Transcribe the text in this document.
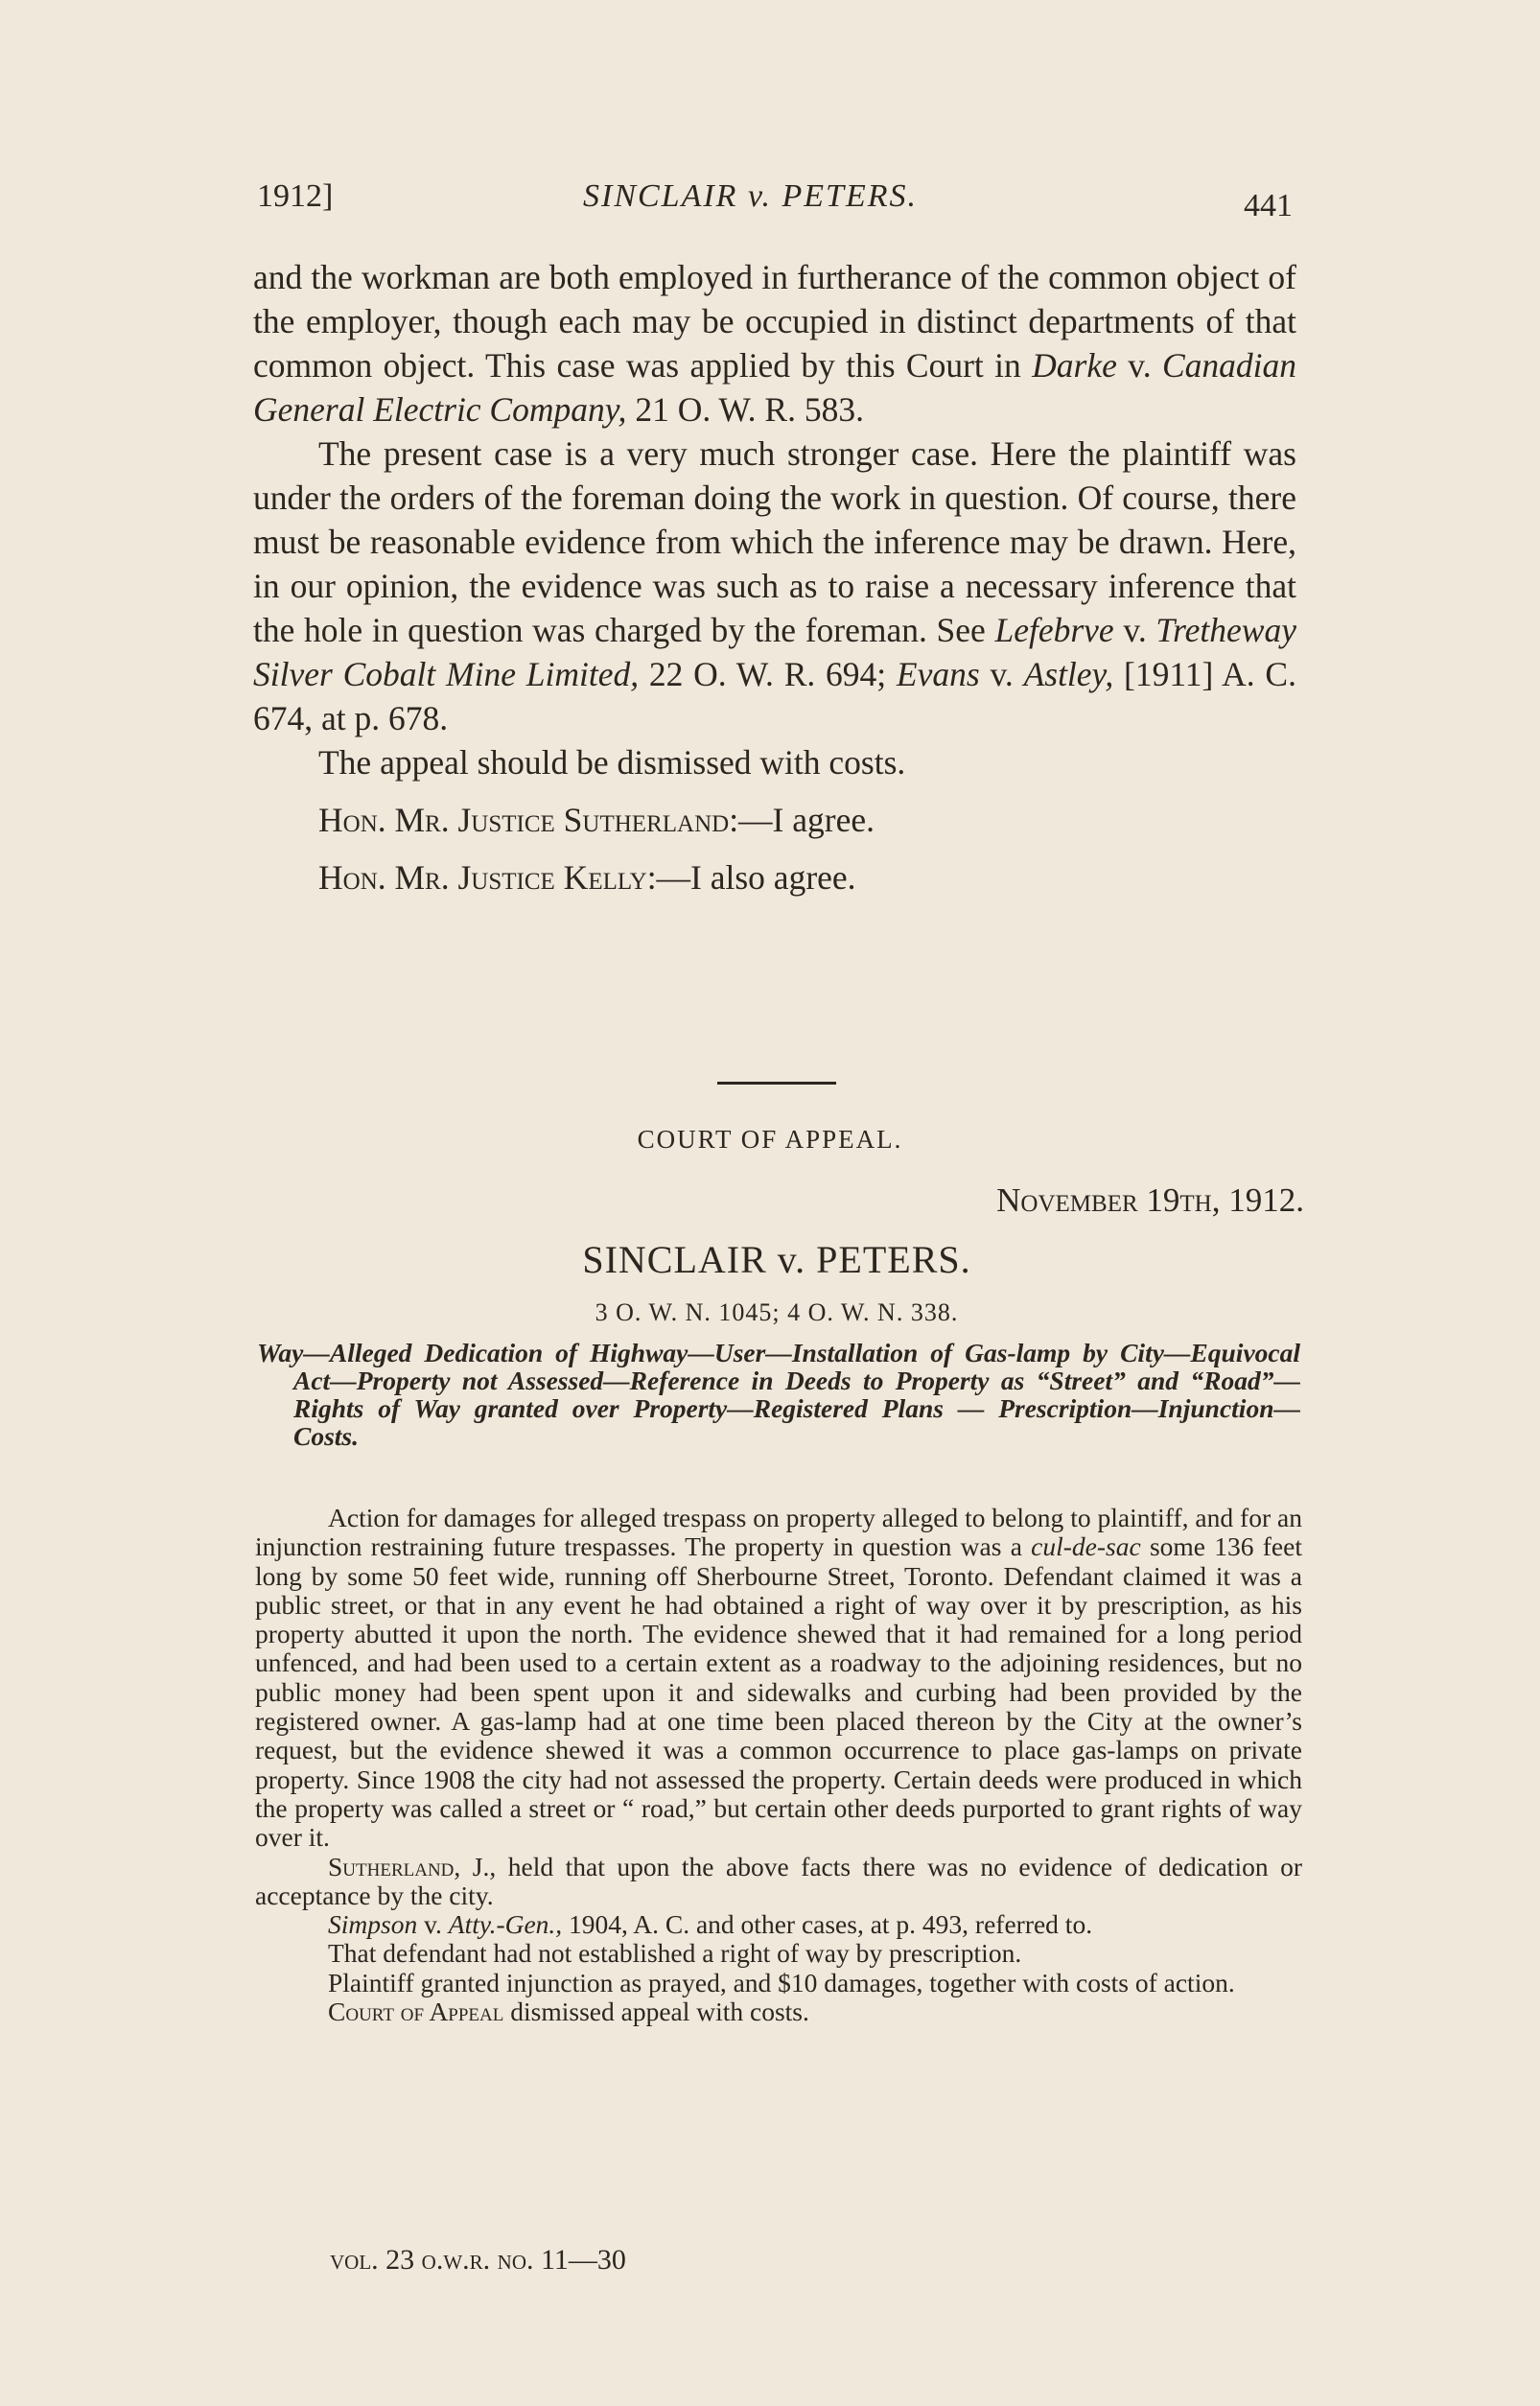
1912]	SINCLAIR v. PETERS.	441

and the workman are both employed in furtherance of the common object of the employer, though each may be occupied in distinct departments of that common object. This case was applied by this Court in Darke v. Canadian General Electric Company, 21 O. W. R. 583.

The present case is a very much stronger case. Here the plaintiff was under the orders of the foreman doing the work in question. Of course, there must be reasonable evidence from which the inference may be drawn. Here, in our opinion, the evidence was such as to raise a necessary inference that the hole in question was charged by the foreman. See Lefebrve v. Tretheway Silver Cobalt Mine Limited, 22 O. W. R. 694; Evans v. Astley, [1911] A. C. 674, at p. 678.

The appeal should be dismissed with costs.

Hon. Mr. Justice Sutherland:—I agree.

Hon. Mr. Justice Kelly:—I also agree.

COURT OF APPEAL.
November 19th, 1912.
SINCLAIR v. PETERS.
3 O. W. N. 1045; 4 O. W. N. 338.
Way—Alleged Dedication of Highway—User—Installation of Gas-lamp by City—Equivocal Act—Property not Assessed—Reference in Deeds to Property as “Street” and “Road”—Rights of Way granted over Property—Registered Plans — Prescription—Injunction—Costs.

Action for damages for alleged trespass on property alleged to belong to plaintiff, and for an injunction restraining future trespasses. The property in question was a cul-de-sac some 136 feet long by some 50 feet wide, running off Sherbourne Street, Toronto. Defendant claimed it was a public street, or that in any event he had obtained a right of way over it by prescription, as his property abutted it upon the north. The evidence shewed that it had remained for a long period unfenced, and had been used to a certain extent as a roadway to the adjoining residences, but no public money had been spent upon it and sidewalks and curbing had been provided by the registered owner. A gas-lamp had at one time been placed thereon by the City at the owner’s request, but the evidence shewed it was a common occurrence to place gas-lamps on private property. Since 1908 the city had not assessed the property. Certain deeds were produced in which the property was called a street or “ road,” but certain other deeds purported to grant rights of way over it.

Sutherland, J., held that upon the above facts there was no evidence of dedication or acceptance by the city.

Simpson v. Atty.-Gen., 1904, A. C. and other cases, at p. 493, referred to.

That defendant had not established a right of way by prescription.

Plaintiff granted injunction as prayed, and $10 damages, together with costs of action.

Court of Appeal dismissed appeal with costs.

vol. 23 o.w.r. no. 11—30
